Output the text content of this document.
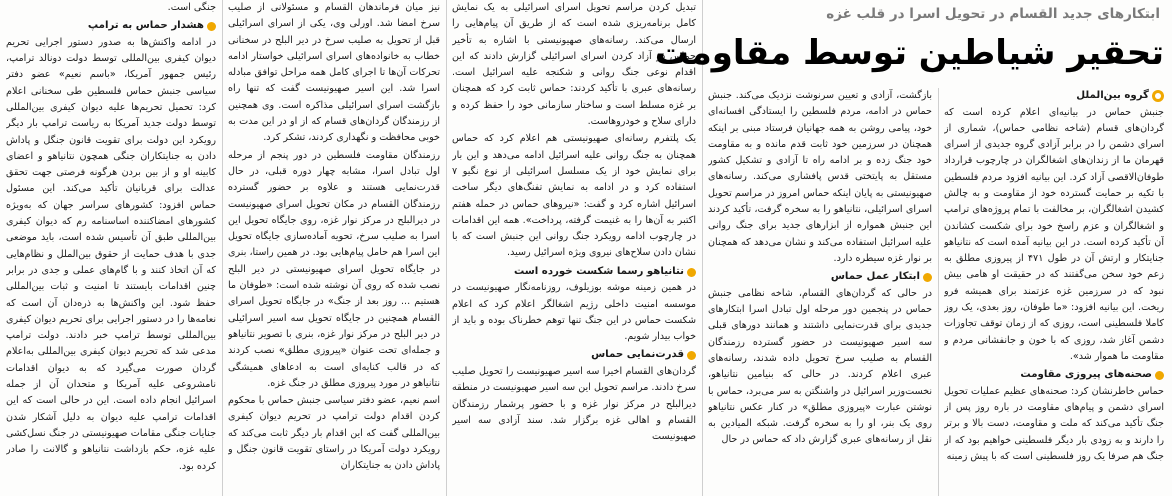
جنگی است.

هشدار حماس به ترامپ

در ادامه واکنش‌ها به صدور دستور اجرایی تحریم دیوان کیفری بین‌المللی توسط دولت دونالد ترامپ، رئیس جمهور آمریکا، «باسم نعیم» عضو دفتر سیاسی جنبش حماس فلسطین طی سخنانی اعلام کرد: تحمیل تحریم‌ها علیه دیوان کیفری بین‌المللی توسط دولت جدید آمریکا به ریاست ترامپ بار دیگر رویکرد این دولت برای تقویت قانون جنگل و پاداش دادن به جنایتکاران جنگی همچون نتانیاهو و اعضای کابینه او و از بین بردن هرگونه فرصتی جهت تحقق عدالت برای قربانیان تأکید می‌کند. این مسئول حماس افزود: کشورهای سراسر جهان که به‌ویژه کشورهای امضاکننده اساسنامه رم که دیوان کیفری بین‌المللی طبق آن تأسیس شده است، باید موضعی جدی با هدف حمایت از حقوق بین‌الملل و نظام‌هایی که آن اتخاذ کنند و با گام‌های عملی و جدی در برابر چنین اقدامات بایستند تا امنیت و ثبات بین‌المللی حفظ شود. این واکنش‌ها به ذره‌دان آن است که نعامه‌ها را در دستور اجرایی برای تحریم دیوان کیفری بین‌المللی توسط ترامپ خبر دادند. دولت ترامپ مدعی شد که تحریم دیوان کیفری بین‌المللی به‌اعلام گردان صورت می‌گیرد که به دیوان اقدامات نامشروعی علیه آمریکا و متحدان آن از جمله اسرائیل انجام داده است. این در حالی است که این اقدامات ترامپ علیه دیوان به دلیل آشکار شدن جنایات جنگی مقامات صهیونیستی در جنگ نسل‌کشی علیه غزه، حکم بازداشت نتانیاهو و گالانت را صادر کرده بود.

نیز میان فرماندهان القسام و مسئولانی از صلیب سرخ امضا شد. اورلی وی، یکی از اسرای اسرائیلی قبل از تحویل به صلیب سرخ در دیر البلح در سخنانی خطاب به خانواده‌های اسرای اسرائیلی خواستار ادامه تحرکات آن‌ها تا اجرای کامل همه مراحل توافق مبادله اسرا شد. این اسیر صهیونیست گفت که تنها راه بازگشت اسرای اسرائیلی مذاکره است. وی همچنین از رزمندگان گردان‌های قسام که از او در این مدت به خوبی محافظت و نگهداری کردند، تشکر کرد.

رزمندگان مقاومت فلسطین در دور پنجم از مرحله اول تبادل اسرا، مشابه چهار دوره قبلی، در حال قدرت‌نمایی هستند و علاوه بر حضور گسترده رزمندگان القسام در مکان تحویل اسرای صهیونیست در دیرالبلح در مرکز نوار غزه، روی جایگاه تحویل این اسرا به صلیب سرخ، تحویه آماده‌سازی جایگاه تحویل این اسرا هم حامل پیام‌هایی بود. در همین راستا، بنری در جایگاه تحویل اسرای صهیونیستی در دیر البلح نصب شده که روی آن نوشته شده است: «طوفان ما هستیم ... روز بعد از جنگ» در جایگاه تحویل اسرای القسام همچنین در جایگاه تحویل سه اسیر اسرائیلی در دیر البلح در مرکز نوار غزه، بنری با تصویر نتانیاهو و جمله‌ای تحت عنوان «پیروزی مطلق» نصب کردند که در قالب کنایه‌ای است به ادعاهای همیشگی نتانیاهو در مورد پیروزی مطلق در جنگ غزه.

اسم نعیم، عضو دفتر سیاسی جنبش حماس با محکوم کردن اقدام دولت ترامپ در تحریم دیوان کیفری بین‌المللی گفت که این اقدام بار دیگر ثابت می‌کند که رویکرد دولت آمریکا در راستای تقویت قانون جنگل و پاداش دادن به جنایتکاران

تبدیل کردن مراسم تحویل اسرای اسرائیلی به یک نمایش کامل برنامه‌ریزی شده است که از طریق آن پیام‌هایی را ارسال می‌کند. رسانه‌های صهیونیستی با اشاره به تأخیر حماس در آزاد کردن اسرای اسرائیلی گزارش دادند که این اقدام نوعی جنگ روانی و شکنجه علیه اسرائیل است. رسانه‌های عبری با تأکید کردند: حماس ثابت کرد که همچنان بر غزه مسلط است و ساختار سازمانی خود را حفظ کرده و دارای سلاح و خودروهاست.

یک پلتفرم رسانه‌ای صهیونیستی هم اعلام کرد که حماس همچنان به جنگ روانی علیه اسرائیل ادامه می‌دهد و این بار برای نمایش خود از یک مسلسل اسرائیلی از نوع نگیو ۷ استفاده کرد و در ادامه به نمایش تفنگ‌های دیگر ساخت اسرائیل اشاره کرد و گفت: «نیروهای حماس در حمله هفتم اکتبر به آن‌ها را به غنیمت گرفته، پرداخت». همه این اقدامات در چارچوب ادامه رویکرد جنگ روانی این جنبش است که با نشان دادن سلاح‌های نیروی ویژه اسرائیل رسید.

نتانیاهو رسما شکست خورده است

در همین زمینه موشه بوزیلوف، روزنامه‌نگار صهیونیست در موسسه امنیت داخلی رژیم اشغالگر اعلام کرد که اعلام شکست حماس در این جنگ تنها توهم خطرناک بوده و باید از خواب بیدار شویم.

قدرت‌نمایی حماس

گردان‌های القسام اخیرا سه اسیر صهیونیست را تحویل صلیب سرخ دادند. مراسم تحویل این سه اسیر صهیونیست در منطقه دیرالبلح در مرکز نوار غزه و با حضور پرشمار رزمندگان القسام و اهالی غزه برگزار شد. سند آزادی سه اسیر صهیونیست

ابتکارهای جدید القسام در تحویل اسرا در قلب غزه
تحقیر شیاطین توسط مقاومت

بازگشت، آزادی و تعیین سرنوشت نزدیک می‌کند. جنبش حماس در ادامه، مردم فلسطین را ایستادگی افسانه‌ای خود، پیامی روشن به همه جهانیان فرستاد مبنی بر اینکه همچنان در سرزمین خود ثابت قدم مانده و به مقاومت خود جنگ زده و بر ادامه راه تا آزادی و تشکیل کشور مستقل به پایتختی قدس پافشاری می‌کند. رسانه‌های صهیونیستی به پایان اینکه حماس امروز در مراسم تحویل اسرای اسرائیلی، نتانیاهو را به سخره گرفت، تأکید کردند این جنبش همواره از ابزارهای جدید برای جنگ روانی علیه اسرائیل استفاده می‌کند و نشان می‌دهد که همچنان بر نوار غزه سیطره دارد.

ابتکار عمل حماس

در حالی که گردان‌های القسام، شاخه نظامی جنبش حماس در پنجمین دور مرحله اول تبادل اسرا ابتکارهای جدیدی برای قدرت‌نمایی داشتند و همانند دورهای قبلی سه اسیر صهیونیست در حضور گسترده رزمندگان القسام به صلیب سرخ تحویل داده شدند، رسانه‌های عبری اعلام کردند. در حالی که بنیامین نتانیاهو، نخست‌وزیر اسرائیل در واشنگتن به سر می‌برد، حماس با نوشتن عبارت «پیروزی مطلق» در کنار عکس نتانیاهو روی یک بنر، او را به سخره گرفت. شبکه المیادین به نقل از رسانه‌های عبری گزارش داد که حماس در حال

گروه بین‌الملل

جنبش حماس در بیانیه‌ای اعلام کرده است که گردان‌های قسام (شاخه نظامی حماس)، شماری از اسرای دشمن را در برابر آزادی گروه جدیدی از اسرای قهرمان ما از زندان‌های اشغالگران در چارچوب قرارداد طوفان‌الاقصی آزاد کرد. این بیانیه افزود مردم فلسطین با تکیه بر حمایت گسترده خود از مقاومت و به چالش کشیدن اشغالگران، بر مخالفت با تمام پروژه‌های ترامپ و اشغالگران و عزم راسخ خود برای شکست کشاندن آن تأکید کرده است. در این بیانیه آمده است که نتانیاهو جنایتکار و ارتش آن در طول ۴۷۱ از پیروزی مطلق به زعم خود سخن می‌گفتند که در حقیقت او هامی بیش نبود که در سرزمین غزه عزتمند برای همیشه فرو ریخت. این بیانیه افزود: «ما طوفان، روز بعدی، یک روز کاملا فلسطینی است، روزی که از زمان توقف تجاوزات دشمن آغاز شد، روزی که با خون و جانفشانی مردم و مقاومت ما هموار شد».

صحنه‌های پیروزی مقاومت

حماس خاطرنشان کرد: صحنه‌های عظیم عملیات تحویل اسرای دشمن و پیام‌های مقاومت در باره روز پس از جنگ تأکید می‌کند که ملت و مقاومت، دست بالا و برتر را دارند و به زودی بار دیگر فلسطینی خواهیم بود که از جنگ هم صرفا یک روز فلسطینی است که با پیش زمینه
